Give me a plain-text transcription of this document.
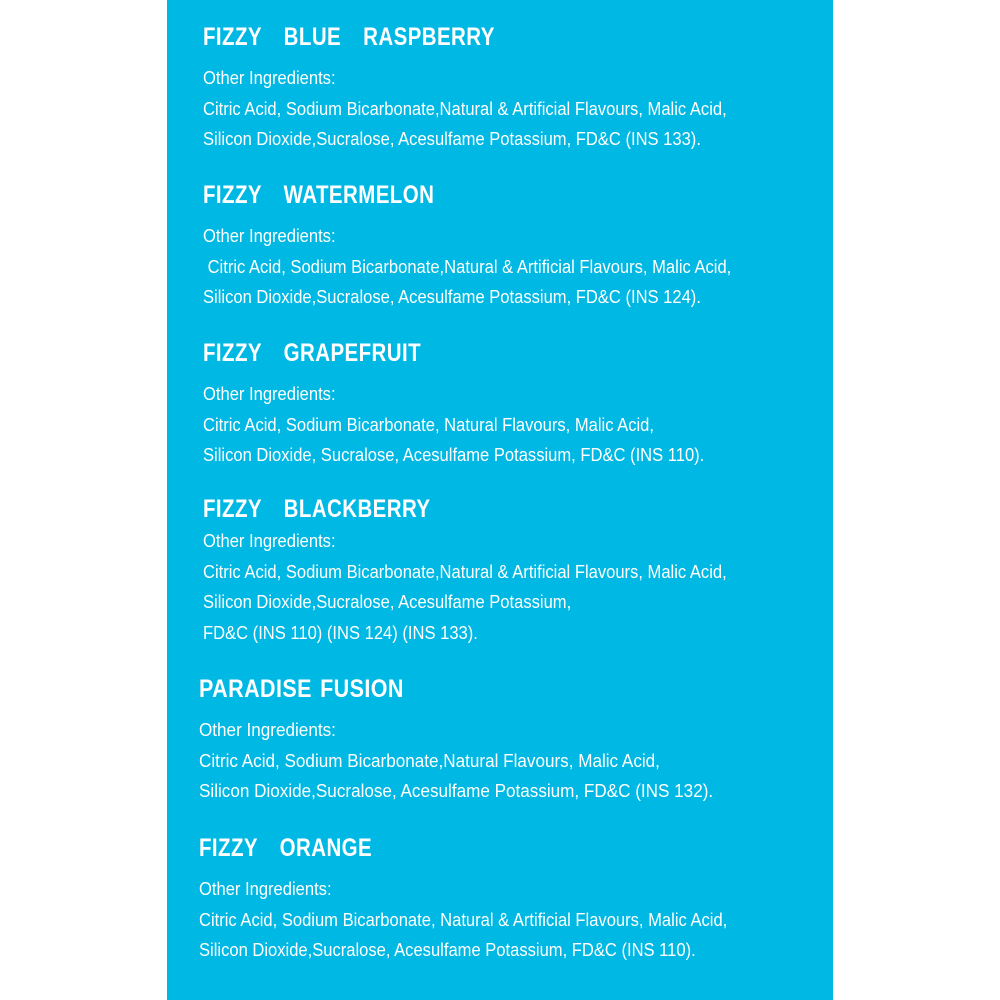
FIZZY  BLUE  RASPBERRY

Other Ingredients:

Citric Acid, Sodium Bicarbonate,Natural & Artificial Flavours, Malic Acid,

Silicon Dioxide,Sucralose, Acesulfame Potassium, FD&C (INS 133).

FIZZY  WATERMELON

Other Ingredients:

Citric Acid, Sodium Bicarbonate,Natural & Artificial Flavours, Malic Acid,

Silicon Dioxide,Sucralose, Acesulfame Potassium, FD&C (INS 124).

FIZZY  GRAPEFRUIT

Other Ingredients:

Citric Acid, Sodium Bicarbonate, Natural Flavours, Malic Acid,

Silicon Dioxide, Sucralose, Acesulfame Potassium, FD&C (INS 110).

FIZZY  BLACKBERRY

Other Ingredients:

Citric Acid, Sodium Bicarbonate,Natural & Artificial Flavours, Malic Acid,

Silicon Dioxide,Sucralose, Acesulfame Potassium,

FD&C (INS 110) (INS 124) (INS 133).

PARADISE FUSION

Other Ingredients:

Citric Acid, Sodium Bicarbonate,Natural Flavours, Malic Acid,

Silicon Dioxide,Sucralose, Acesulfame Potassium, FD&C (INS 132).

FIZZY  ORANGE

Other Ingredients:

Citric Acid, Sodium Bicarbonate, Natural & Artificial Flavours, Malic Acid,

Silicon Dioxide,Sucralose, Acesulfame Potassium, FD&C (INS 110).
